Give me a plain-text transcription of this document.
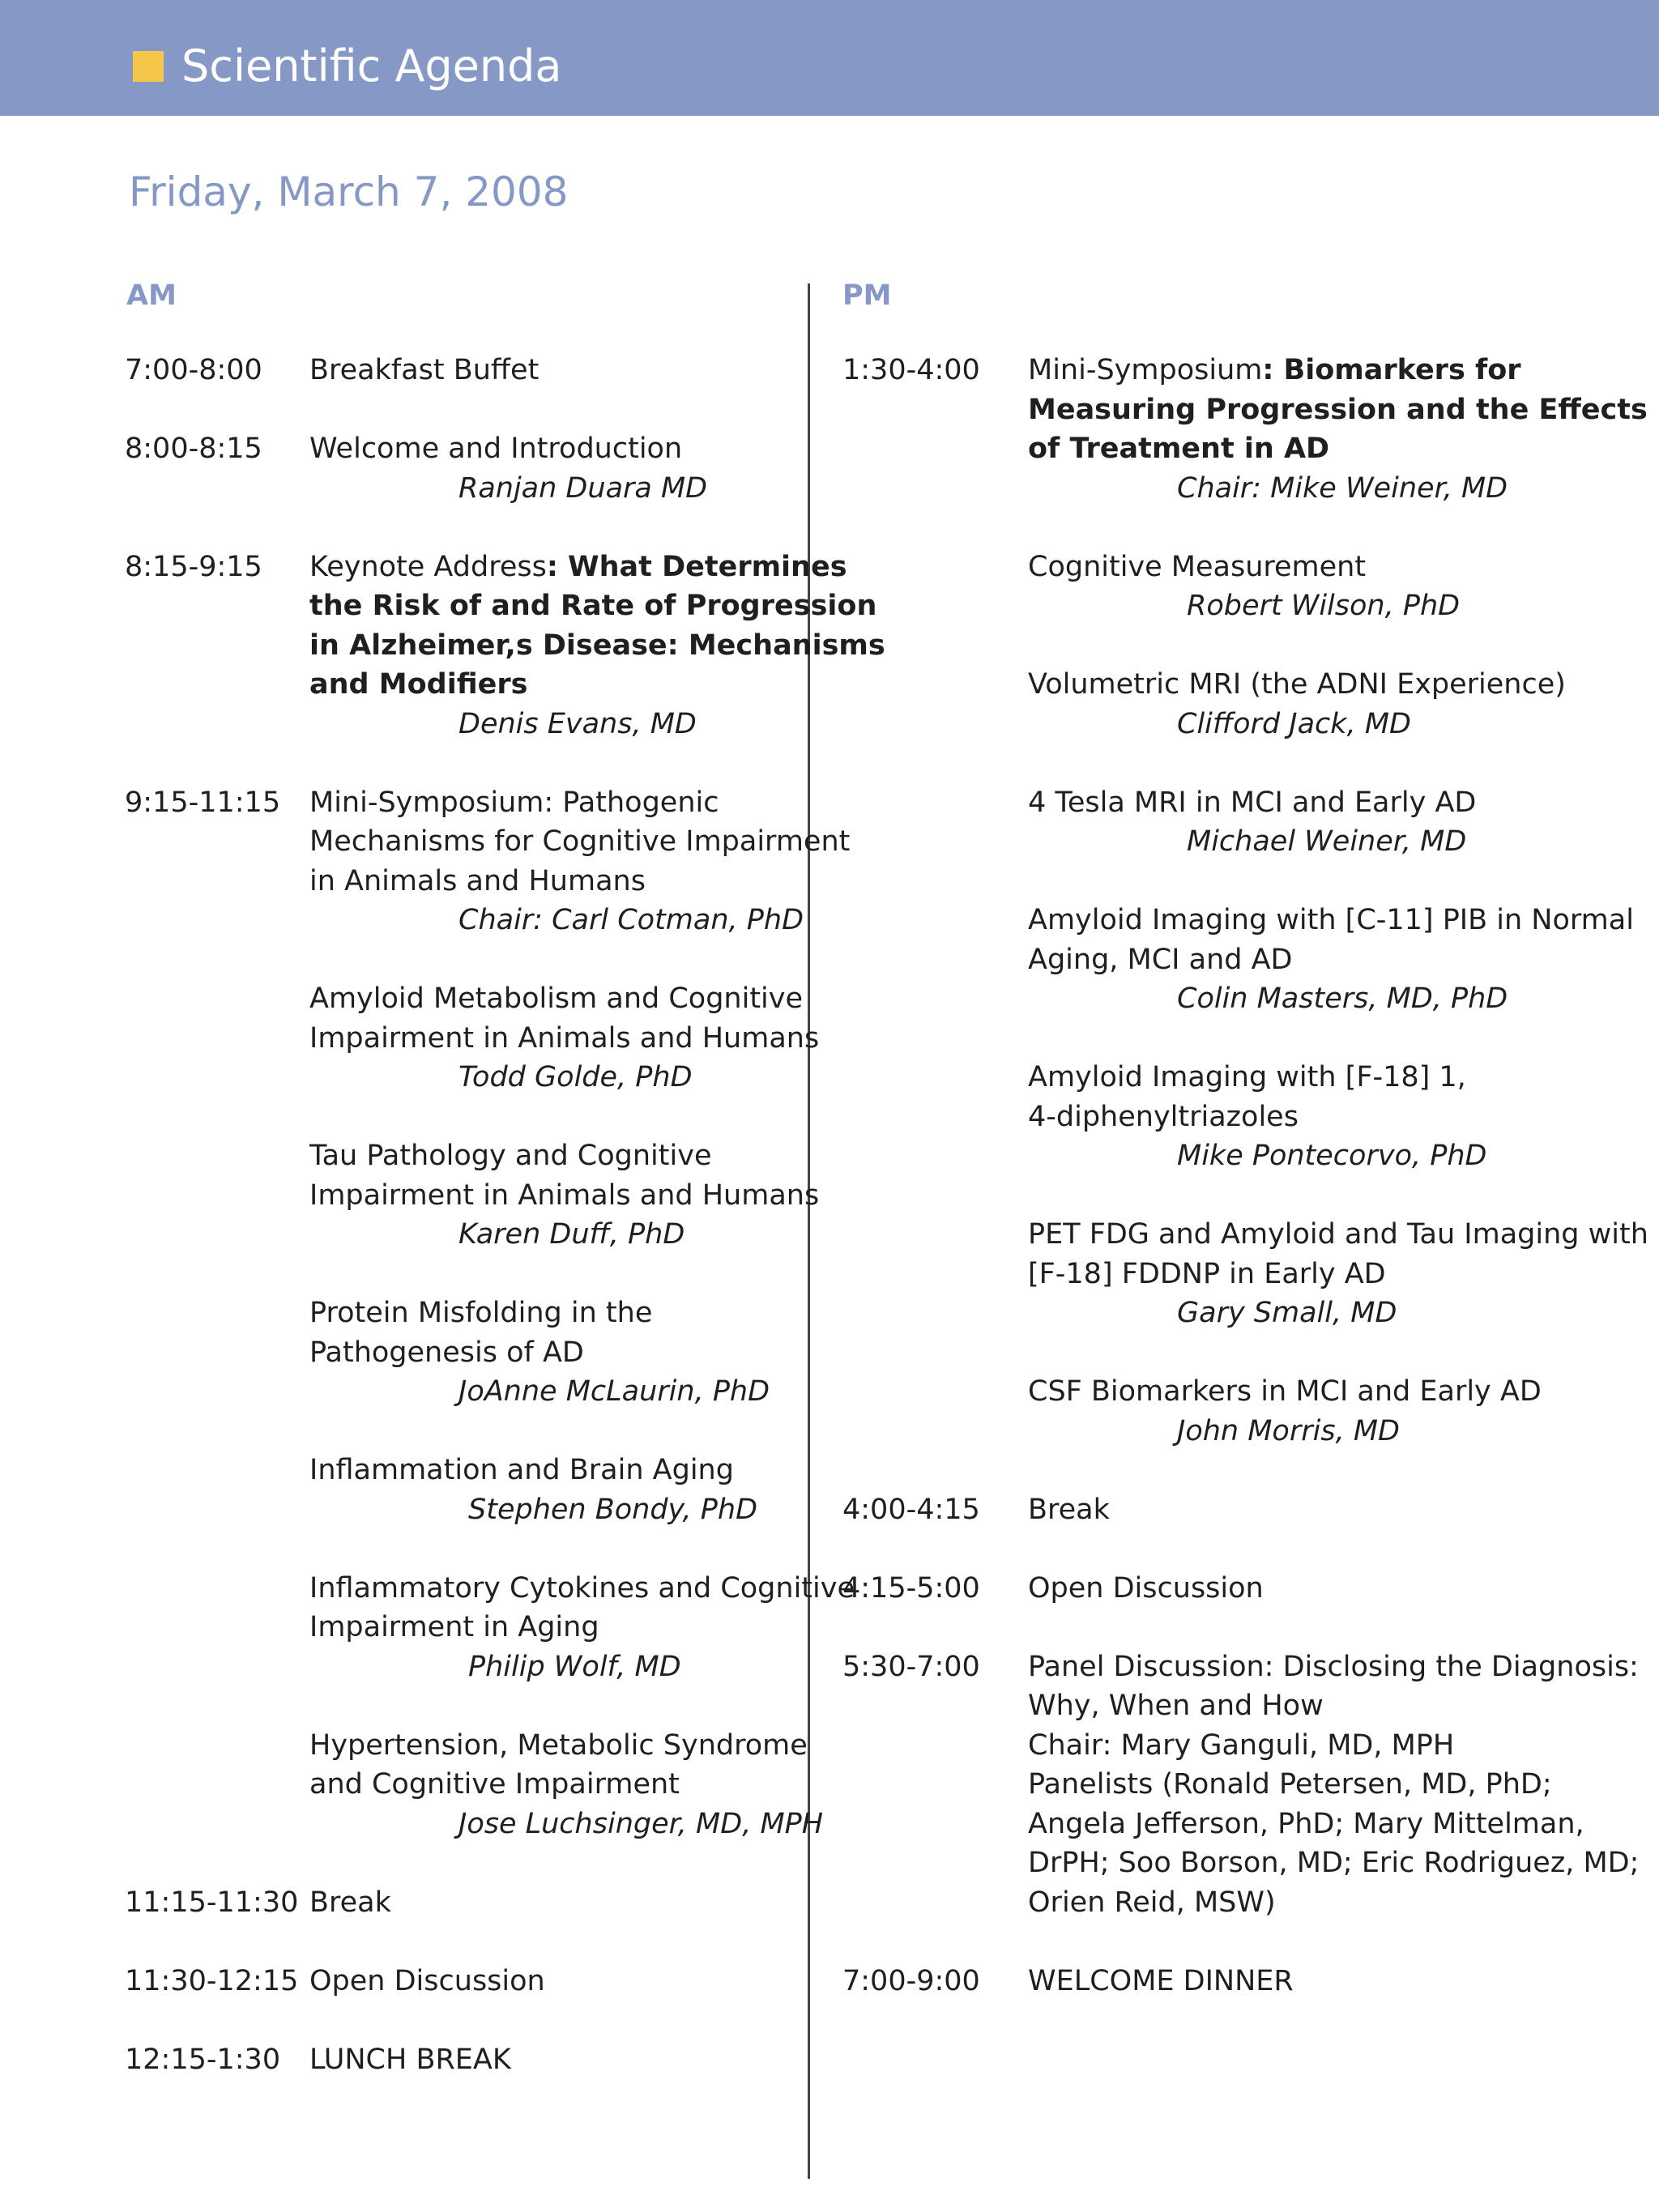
Scientific Agenda
Friday, March 7, 2008
AM	PM
7:00-8:00	Breakfast Buffet
8:00-8:15	Welcome and Introduction
Ranjan Duara MD
8:15-9:15	Keynote Address: What Determines
the Risk of and Rate of Progression
in Alzheimer,s Disease: Mechanisms
and Modifiers
Denis Evans, MD
9:15-11:15	Mini-Symposium: Pathogenic
Mechanisms for Cognitive Impairment
in Animals and Humans
Chair: Carl Cotman, PhD
Amyloid Metabolism and Cognitive
Impairment in Animals and Humans
Todd Golde, PhD
Tau Pathology and Cognitive
Impairment in Animals and Humans
Karen Duff, PhD
Protein Misfolding in the
Pathogenesis of AD
JoAnne McLaurin, PhD
Inflammation and Brain Aging
Stephen Bondy, PhD
Inflammatory Cytokines and Cognitive
Impairment in Aging
Philip Wolf, MD
Hypertension, Metabolic Syndrome
and Cognitive Impairment
Jose Luchsinger, MD, MPH
11:15-11:30 Break
11:30-12:15 Open Discussion
12:15-1:30	LUNCH BREAK
1:30-4:00	Mini-Symposium: Biomarkers for
Measuring Progression and the Effects
of Treatment in AD
Chair: Mike Weiner, MD
Cognitive Measurement
Robert Wilson, PhD
Volumetric MRI (the ADNI Experience)
Clifford Jack, MD
4 Tesla MRI in MCI and Early AD
Michael Weiner, MD
Amyloid Imaging with [C-11] PIB in Normal
Aging, MCI and AD
Colin Masters, MD, PhD
Amyloid Imaging with [F-18] 1,
4-diphenyltriazoles
Mike Pontecorvo, PhD
PET FDG and Amyloid and Tau Imaging with
[F-18] FDDNP in Early AD
Gary Small, MD
CSF Biomarkers in MCI and Early AD
John Morris, MD
4:00-4:15	Break
4:15-5:00	Open Discussion
5:30-7:00	Panel Discussion: Disclosing the Diagnosis:
Why, When and How
Chair: Mary Ganguli, MD, MPH
Panelists (Ronald Petersen, MD, PhD;
Angela Jefferson, PhD; Mary Mittelman,
DrPH; Soo Borson, MD; Eric Rodriguez, MD;
Orien Reid, MSW)
7:00-9:00	WELCOME DINNER
